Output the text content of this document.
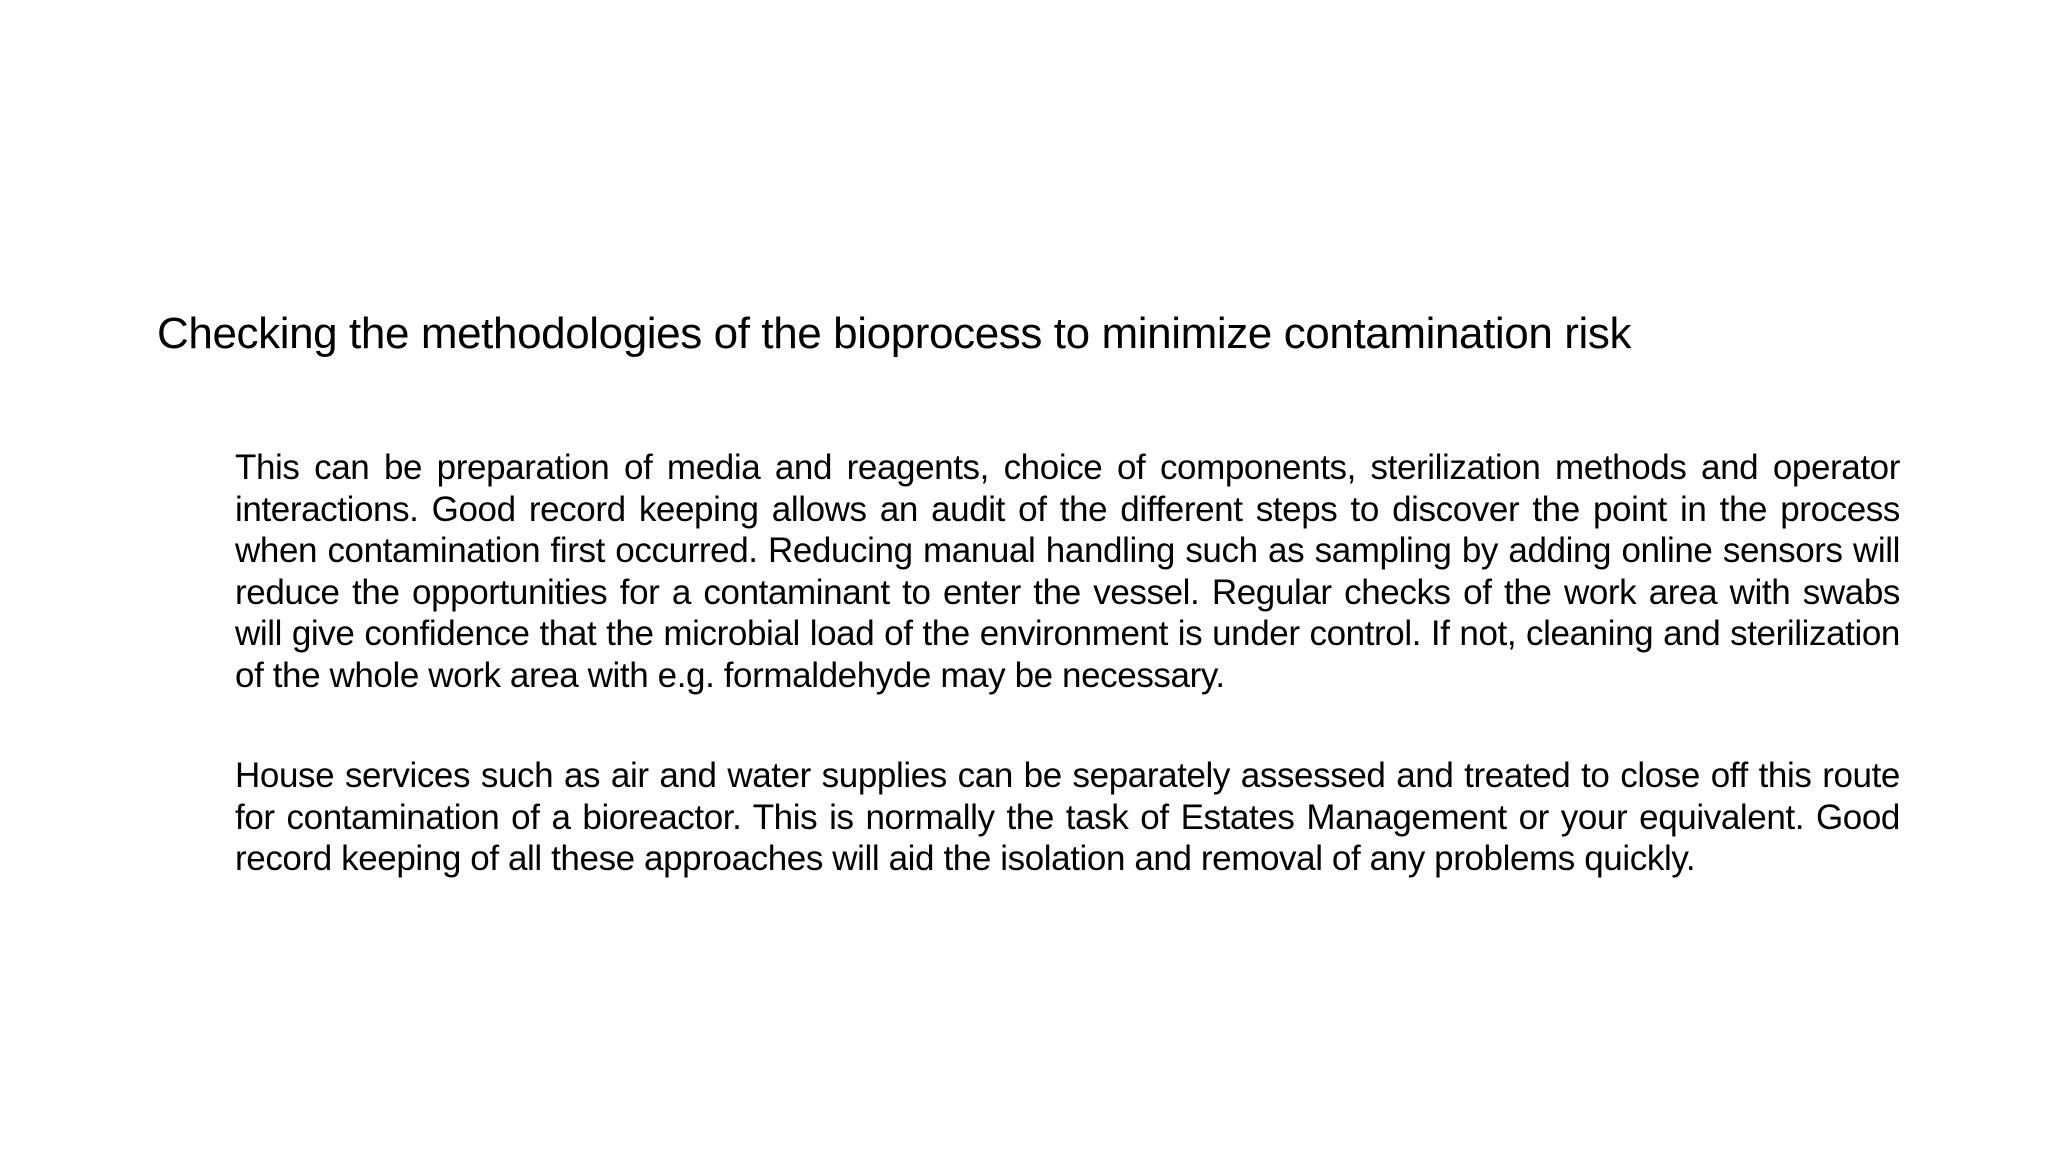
Checking the methodologies of the bioprocess to minimize contamination risk

This can be preparation of media and reagents, choice of components, sterilization methods and operator interactions. Good record keeping allows an audit of the different steps to discover the point in the process when contamination first occurred. Reducing manual handling such as sampling by adding online sensors will reduce the opportunities for a contaminant to enter the vessel. Regular checks of the work area with swabs will give confidence that the microbial load of the environment is under control. If not, cleaning and sterilization of the whole work area with e.g. formaldehyde may be necessary.

House services such as air and water supplies can be separately assessed and treated to close off this route for contamination of a bioreactor. This is normally the task of Estates Management or your equivalent. Good record keeping of all these approaches will aid the isolation and removal of any problems quickly.
